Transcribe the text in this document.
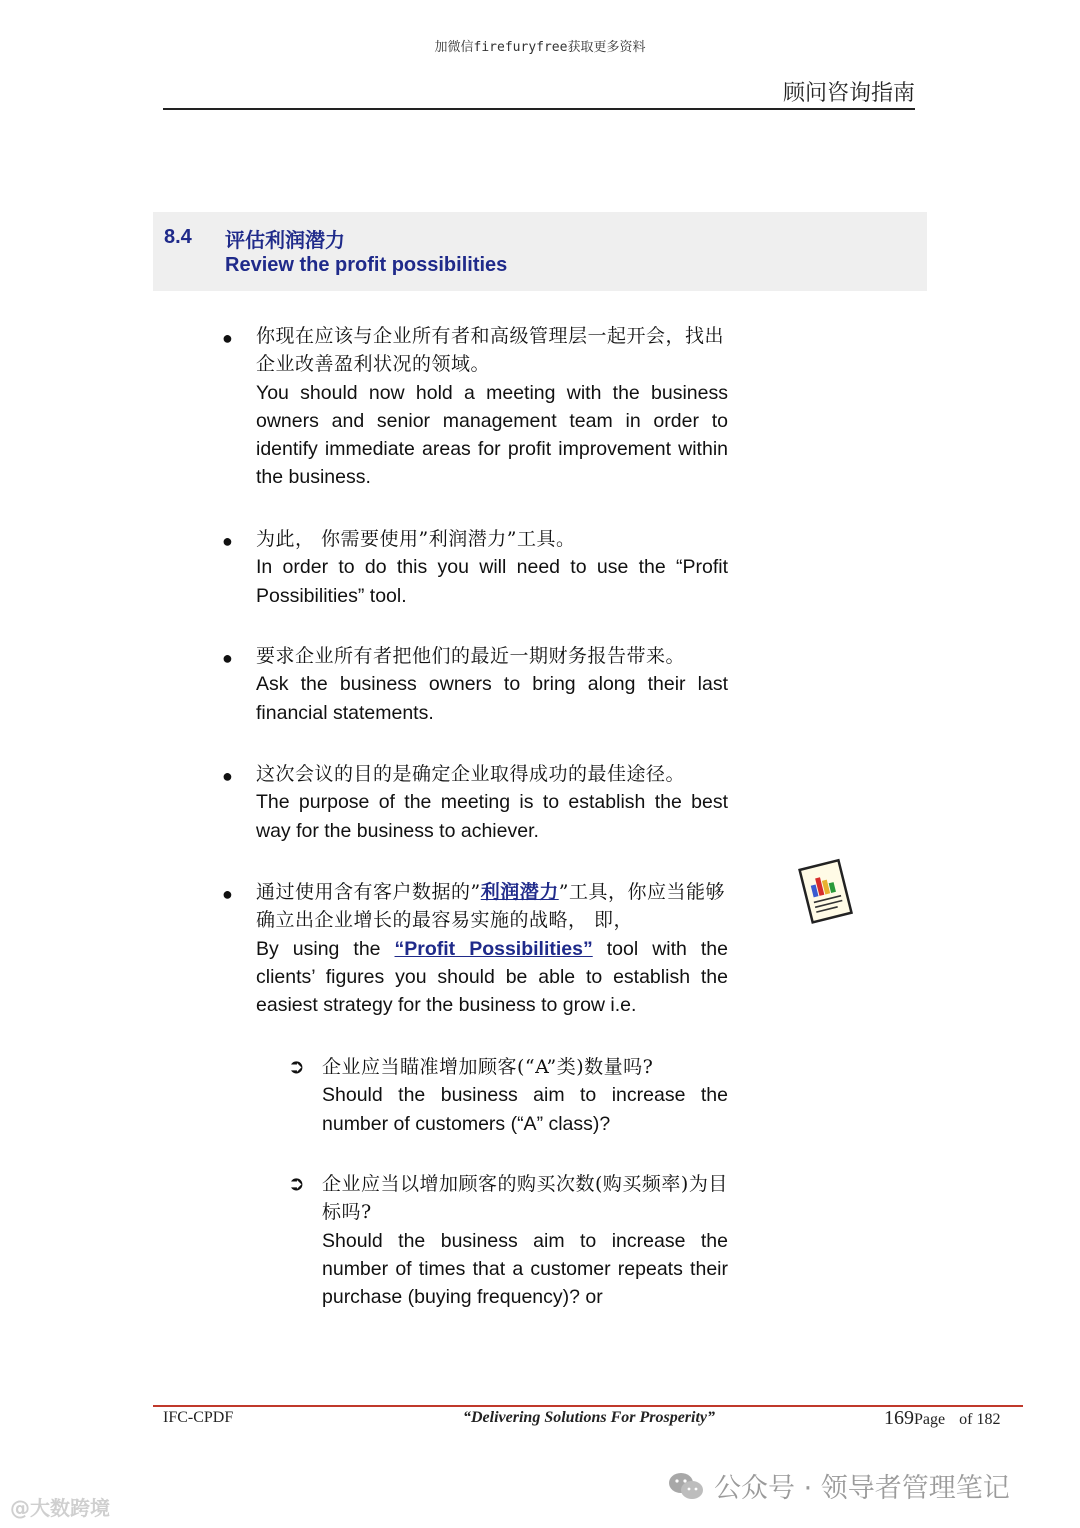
加微信firefuryfree获取更多资料
顾问咨询指南
8.4 评估利润潜力
Review the profit possibilities
● 你现在应该与企业所有者和高级管理层一起开会，找出企业改善盈利状况的领域。
You should now hold a meeting with the business owners and senior management team in order to identify immediate areas for profit improvement within the business.
● 为此， 你需要使用”利润潜力”工具。
In order to do this you will need to use the “Profit Possibilities” tool.
● 要求企业所有者把他们的最近一期财务报告带来。
Ask the business owners to bring along their last financial statements.
● 这次会议的目的是确定企业取得成功的最佳途径。
The purpose of the meeting is to establish the best way for the business to achiever.
● 通过使用含有客户数据的”利润潜力”工具，你应当能够确立出企业增长的最容易实施的战略， 即，
By using the “Profit Possibilities” tool with the clients’ figures you should be able to establish the easiest strategy for the business to grow i.e.
➲ 企业应当瞄准增加顾客(“A”类)数量吗?
Should the business aim to increase the number of customers (“A” class)?
➲ 企业应当以增加顾客的购买次数(购买频率)为目标吗?
Should the business aim to increase the number of times that a customer repeats their purchase (buying frequency)? or
IFC-CPDF	“Delivering Solutions For Prosperity”	169Page of 182
公众号 · 领导者管理笔记
@大数跨境
